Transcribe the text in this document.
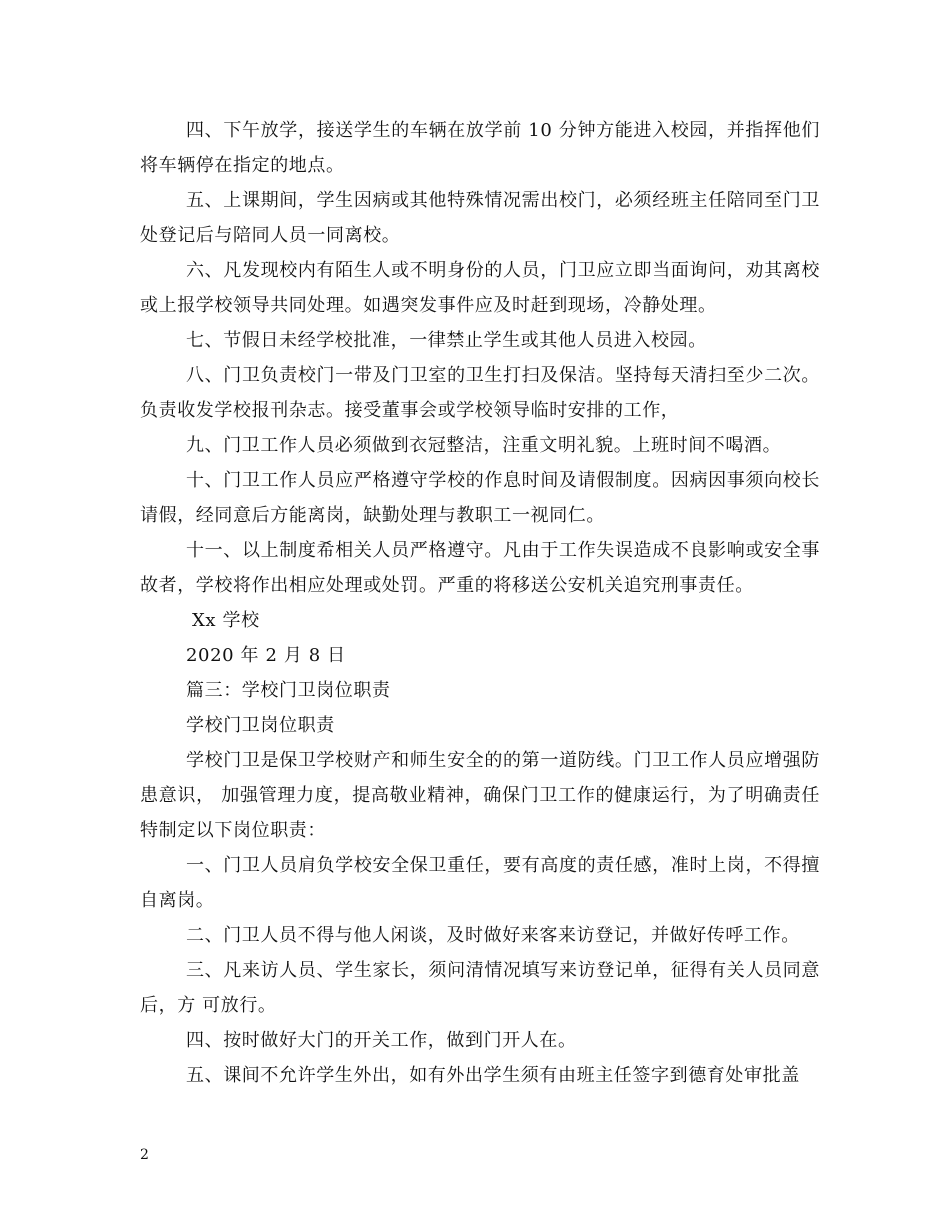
四、下午放学，接送学生的车辆在放学前 10 分钟方能进入校园，并指挥他们将车辆停在指定的地点。

五、上课期间，学生因病或其他特殊情况需出校门，必须经班主任陪同至门卫处登记后与陪同人员一同离校。

六、凡发现校内有陌生人或不明身份的人员，门卫应立即当面询问，劝其离校或上报学校领导共同处理。如遇突发事件应及时赶到现场，冷静处理。

七、节假日未经学校批准，一律禁止学生或其他人员进入校园。

八、门卫负责校门一带及门卫室的卫生打扫及保洁。坚持每天清扫至少二次。负责收发学校报刊杂志。接受董事会或学校领导临时安排的工作，

九、门卫工作人员必须做到衣冠整洁，注重文明礼貌。上班时间不喝酒。

十、门卫工作人员应严格遵守学校的作息时间及请假制度。因病因事须向校长请假，经同意后方能离岗，缺勤处理与教职工一视同仁。

十一、以上制度希相关人员严格遵守。凡由于工作失误造成不良影响或安全事故者，学校将作出相应处理或处罚。严重的将移送公安机关追究刑事责任。

Xx 学校

2020 年 2 月 8 日

篇三：学校门卫岗位职责

学校门卫岗位职责

学校门卫是保卫学校财产和师生安全的的第一道防线。门卫工作人员应增强防患意识， 加强管理力度，提高敬业精神，确保门卫工作的健康运行，为了明确责任特制定以下岗位职责：

一、门卫人员肩负学校安全保卫重任，要有高度的责任感，准时上岗，不得擅自离岗。

二、门卫人员不得与他人闲谈，及时做好来客来访登记，并做好传呼工作。

三、凡来访人员、学生家长，须问清情况填写来访登记单，征得有关人员同意后，方 可放行。

四、按时做好大门的开关工作，做到门开人在。

五、课间不允许学生外出，如有外出学生须有由班主任签字到德育处审批盖

2
